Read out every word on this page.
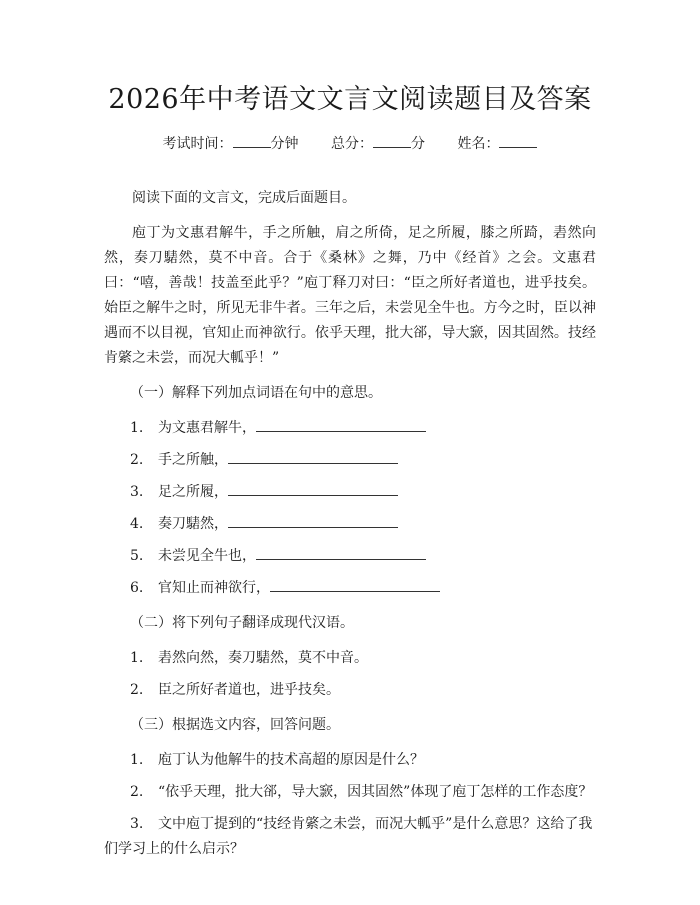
2026年中考语文文言文阅读题目及答案
考试时间：	分钟 总分：	分 姓名：

阅读下面的文言文，完成后面题目。

庖丁为文惠君解牛，手之所触，肩之所倚，足之所履，膝之所踦，砉然向然，奏刀騞然，莫不中音。合于《桑林》之舞，乃中《经首》之会。文惠君曰：“嘻，善哉！技盖至此乎？”庖丁释刀对曰：“臣之所好者道也，进乎技矣。始臣之解牛之时，所见无非牛者。三年之后，未尝见全牛也。方今之时，臣以神遇而不以目视，官知止而神欲行。依乎天理，批大郤，导大窾，因其固然。技经肯綮之未尝，而况大軱乎！”

（一）解释下列加点词语在句中的意思。
1.	为文惠君解牛，
2.	手之所触，
3.	足之所履，
4.	奏刀騞然，
5.	未尝见全牛也，
6.	官知止而神欲行，
（二）将下列句子翻译成现代汉语。
1.	砉然向然，奏刀騞然，莫不中音。
2.	臣之所好者道也，进乎技矣。
（三）根据选文内容，回答问题。
1. 庖丁认为他解牛的技术高超的原因是什么？
2. “依乎天理，批大郤，导大窾，因其固然”体现了庖丁怎样的工作态度？
3. 文中庖丁提到的“技经肯綮之未尝，而况大軱乎”是什么意思？这给了我们学习上的什么启示？
